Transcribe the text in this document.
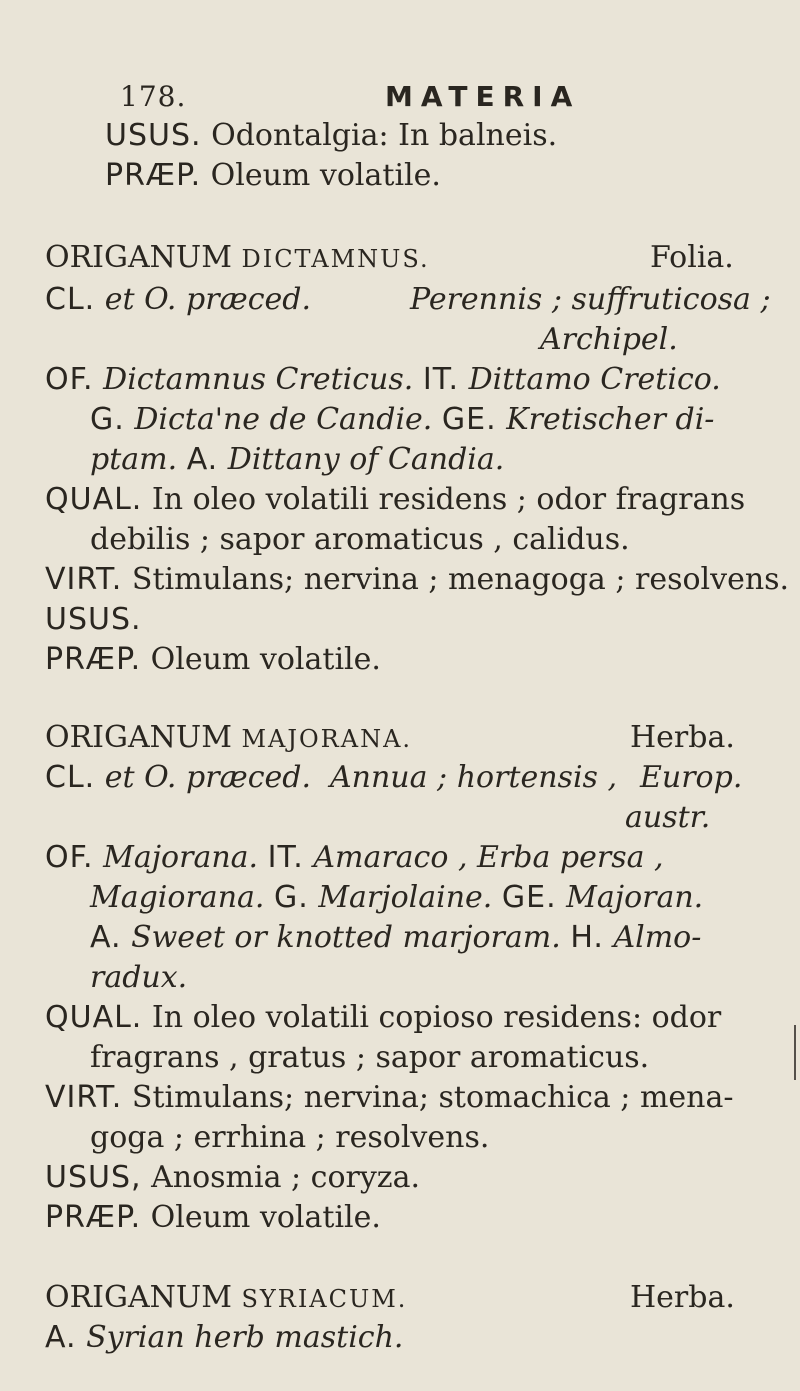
178.	MATERIA
USUS. Odontalgia: In balneis.
PRÆP. Oleum volatile.
ORIGANUM DICTAMNUS.	Folia.
CL. et O. præced.	Perennis ; suffruticosa ;
Archipel.
OF. Dictamnus Creticus. IT. Dittamo Cretico.
G. Dicta'ne de Candie. GE. Kretischer di-
ptam. A. Dittany of Candia.
QUAL. In oleo volatili residens ; odor fragrans
debilis ; sapor aromaticus , calidus.
VIRT. Stimulans; nervina ; menagoga ; resolvens.
USUS.
PRÆP. Oleum volatile.
ORIGANUM MAJORANA.	Herba.
CL. et O. præced. Annua ; hortensis , Europ.
austr.
OF. Majorana. IT. Amaraco , Erba persa ,
Magiorana. G. Marjolaine. GE. Majoran.
A. Sweet or knotted marjoram. H. Almo-
radux.
QUAL. In oleo volatili copioso residens: odor
fragrans , gratus ; sapor aromaticus.
VIRT. Stimulans; nervina; stomachica ; mena-
goga ; errhina ; resolvens.
USUS, Anosmia ; coryza.
PRÆP. Oleum volatile.
ORIGANUM SYRIACUM.	Herba.
A. Syrian herb mastich.
